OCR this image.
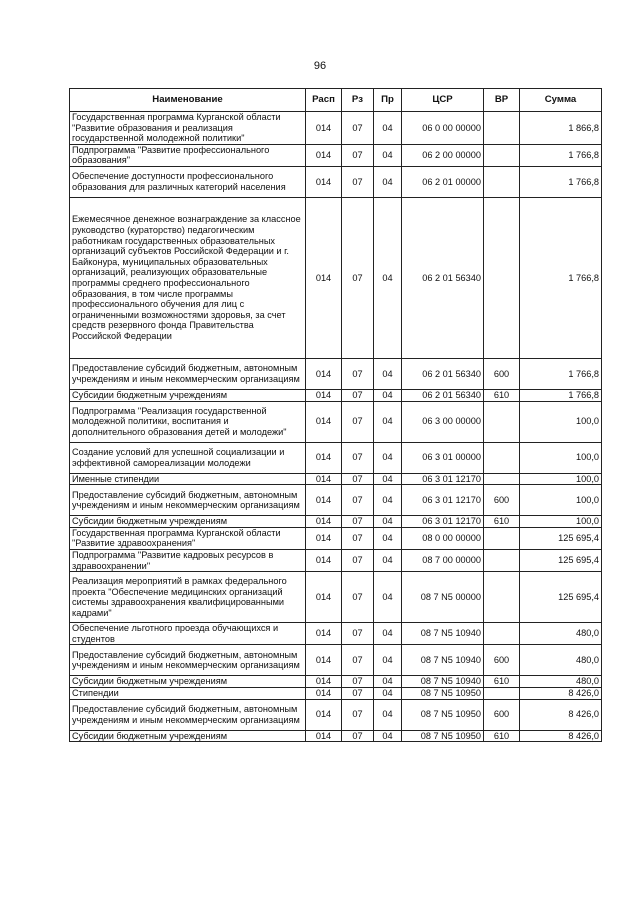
96
Наименование	Расп	Рз	Пр	ЦСР	ВР	Сумма
Государственная программа Курганской области "Развитие образования и реализация государственной молодежной политики"	014	07	04	06 0 00 00000		1 866,8
Подпрограмма "Развитие профессионального образования"	014	07	04	06 2 00 00000		1 766,8
Обеспечение доступности профессионального образования для различных категорий населения	014	07	04	06 2 01 00000		1 766,8
Ежемесячное денежное вознаграждение за классное руководство (кураторство) педагогическим работникам государственных образовательных организаций субъектов Российской Федерации и г. Байконура, муниципальных образовательных организаций, реализующих образовательные программы среднего профессионального образования, в том числе программы профессионального обучения для лиц с ограниченными возможностями здоровья, за счет средств резервного фонда Правительства Российской Федерации	014	07	04	06 2 01 56340		1 766,8
Предоставление субсидий бюджетным, автономным учреждениям и иным некоммерческим организациям	014	07	04	06 2 01 56340	600	1 766,8
Субсидии бюджетным учреждениям	014	07	04	06 2 01 56340	610	1 766,8
Подпрограмма "Реализация государственной молодежной политики, воспитания и дополнительного образования детей и молодежи"	014	07	04	06 3 00 00000		100,0
Создание условий для успешной социализации и эффективной самореализации молодежи	014	07	04	06 3 01 00000		100,0
Именные стипендии	014	07	04	06 3 01 12170		100,0
Предоставление субсидий бюджетным, автономным учреждениям и иным некоммерческим организациям	014	07	04	06 3 01 12170	600	100,0
Субсидии бюджетным учреждениям	014	07	04	06 3 01 12170	610	100,0
Государственная программа Курганской области "Развитие здравоохранения"	014	07	04	08 0 00 00000		125 695,4
Подпрограмма "Развитие кадровых ресурсов в здравоохранении"	014	07	04	08 7 00 00000		125 695,4
Реализация мероприятий в рамках федерального проекта "Обеспечение медицинских организаций системы здравоохранения квалифицированными кадрами"	014	07	04	08 7 N5 00000		125 695,4
Обеспечение льготного проезда обучающихся и студентов	014	07	04	08 7 N5 10940		480,0
Предоставление субсидий бюджетным, автономным учреждениям и иным некоммерческим организациям	014	07	04	08 7 N5 10940	600	480,0
Субсидии бюджетным учреждениям	014	07	04	08 7 N5 10940	610	480,0
Стипендии	014	07	04	08 7 N5 10950		8 426,0
Предоставление субсидий бюджетным, автономным учреждениям и иным некоммерческим организациям	014	07	04	08 7 N5 10950	600	8 426,0
Субсидии бюджетным учреждениям	014	07	04	08 7 N5 10950	610	8 426,0
